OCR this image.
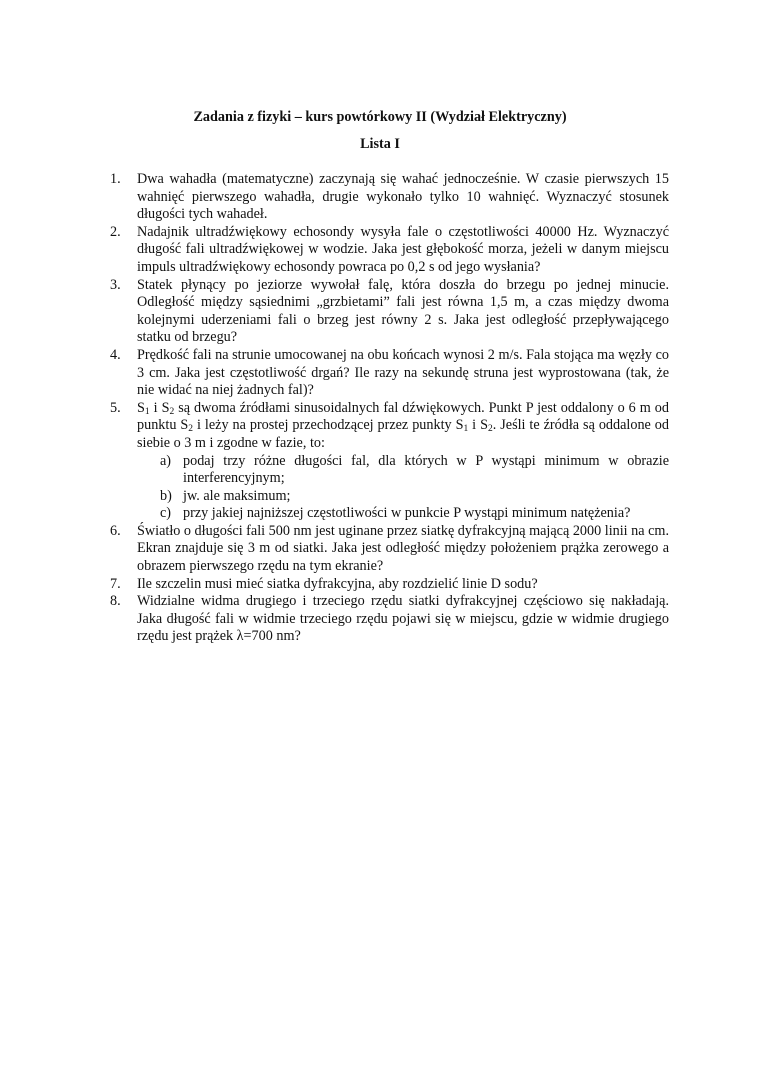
Zadania z fizyki – kurs powtórkowy II (Wydział Elektryczny)
Lista I
1. Dwa wahadła (matematyczne) zaczynają się wahać jednocześnie. W czasie pierwszych 15 wahnięć pierwszego wahadła, drugie wykonało tylko 10 wahnięć. Wyznaczyć stosunek długości tych wahadeł.
2. Nadajnik ultradźwiękowy echosondy wysyła fale o częstotliwości 40000 Hz. Wyznaczyć długość fali ultradźwiękowej w wodzie. Jaka jest głębokość morza, jeżeli w danym miejscu impuls ultradźwiękowy echosondy powraca po 0,2 s od jego wysłania?
3. Statek płynący po jeziorze wywołał falę, która doszła do brzegu po jednej minucie. Odległość między sąsiednimi „grzbietami” fali jest równa 1,5 m, a czas między dwoma kolejnymi uderzeniami fali o brzeg jest równy 2 s. Jaka jest odległość przepływającego statku od brzegu?
4. Prędkość fali na strunie umocowanej na obu końcach wynosi 2 m/s. Fala stojąca ma węzły co 3 cm. Jaka jest częstotliwość drgań? Ile razy na sekundę struna jest wyprostowana (tak, że nie widać na niej żadnych fal)?
5. $S_1$ i $S_2$ są dwoma źródłami sinusoidalnych fal dźwiękowych. Punkt P jest oddalony o 6 m od punktu $S_2$ i leży na prostej przechodzącej przez punkty $S_1$ i $S_2$. Jeśli te źródła są oddalone od siebie o 3 m i zgodne w fazie, to:
a) podaj trzy różne długości fal, dla których w P wystąpi minimum w obrazie interferencyjnym;
b) jw. ale maksimum;
c) przy jakiej najniższej częstotliwości w punkcie P wystąpi minimum natężenia?
6. Światło o długości fali 500 nm jest uginane przez siatkę dyfrakcyjną mającą 2000 linii na cm. Ekran znajduje się 3 m od siatki. Jaka jest odległość między położeniem prążka zerowego a obrazem pierwszego rzędu na tym ekranie?
7. Ile szczelin musi mieć siatka dyfrakcyjna, aby rozdzielić linie D sodu?
8. Widzialne widma drugiego i trzeciego rzędu siatki dyfrakcyjnej częściowo się nakładają. Jaka długość fali w widmie trzeciego rzędu pojawi się w miejscu, gdzie w widmie drugiego rzędu jest prążek λ=700 nm?
